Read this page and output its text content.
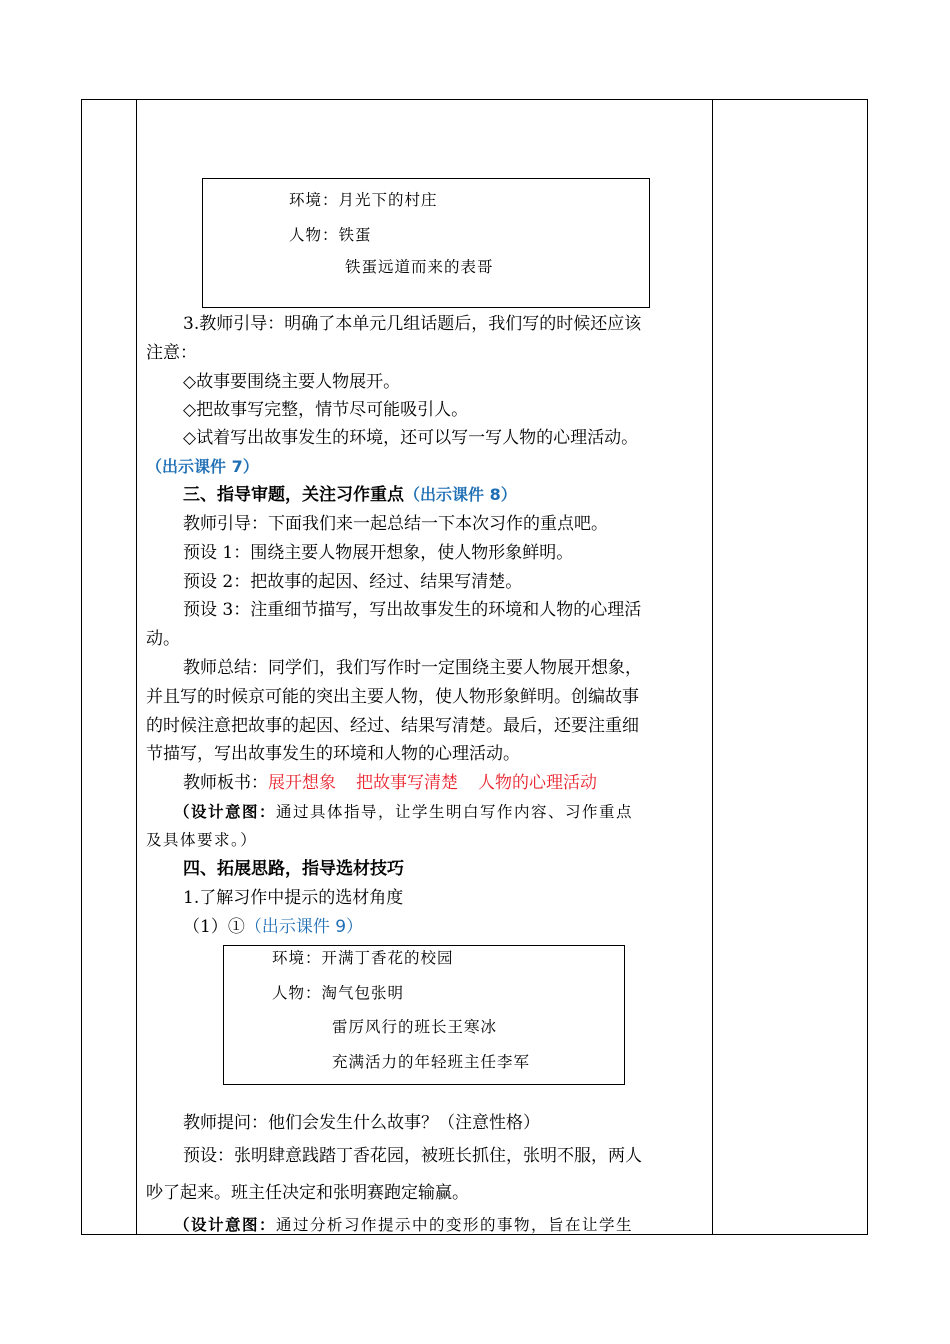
环境：月光下的村庄
人物：铁蛋
铁蛋远道而来的表哥
3.教师引导：明确了本单元几组话题后，我们写的时候还应该
注意：
◇故事要围绕主要人物展开。
◇把故事写完整，情节尽可能吸引人。
◇试着写出故事发生的环境，还可以写一写人物的心理活动。
（出示课件 7）
三、指导审题，关注习作重点（出示课件 8）
教师引导：下面我们来一起总结一下本次习作的重点吧。
预设 1：围绕主要人物展开想象，使人物形象鲜明。
预设 2：把故事的起因、经过、结果写清楚。
预设 3：注重细节描写，写出故事发生的环境和人物的心理活
动。
教师总结：同学们，我们写作时一定围绕主要人物展开想象，
并且写的时候京可能的突出主要人物，使人物形象鲜明。创编故事
的时候注意把故事的起因、经过、结果写清楚。最后，还要注重细
节描写，写出故事发生的环境和人物的心理活动。
教师板书：展开想象 把故事写清楚 人物的心理活动
（设计意图：通过具体指导，让学生明白写作内容、习作重点
及具体要求。）
四、拓展思路，指导选材技巧
1.了解习作中提示的选材角度
（1）①（出示课件 9）
环境：开满丁香花的校园
人物：淘气包张明
雷厉风行的班长王寒冰
充满活力的年轻班主任李军
教师提问：他们会发生什么故事？（注意性格）
预设：张明肆意践踏丁香花园，被班长抓住，张明不服，两人
吵了起来。班主任决定和张明赛跑定输赢。
（设计意图：通过分析习作提示中的变形的事物，旨在让学生
